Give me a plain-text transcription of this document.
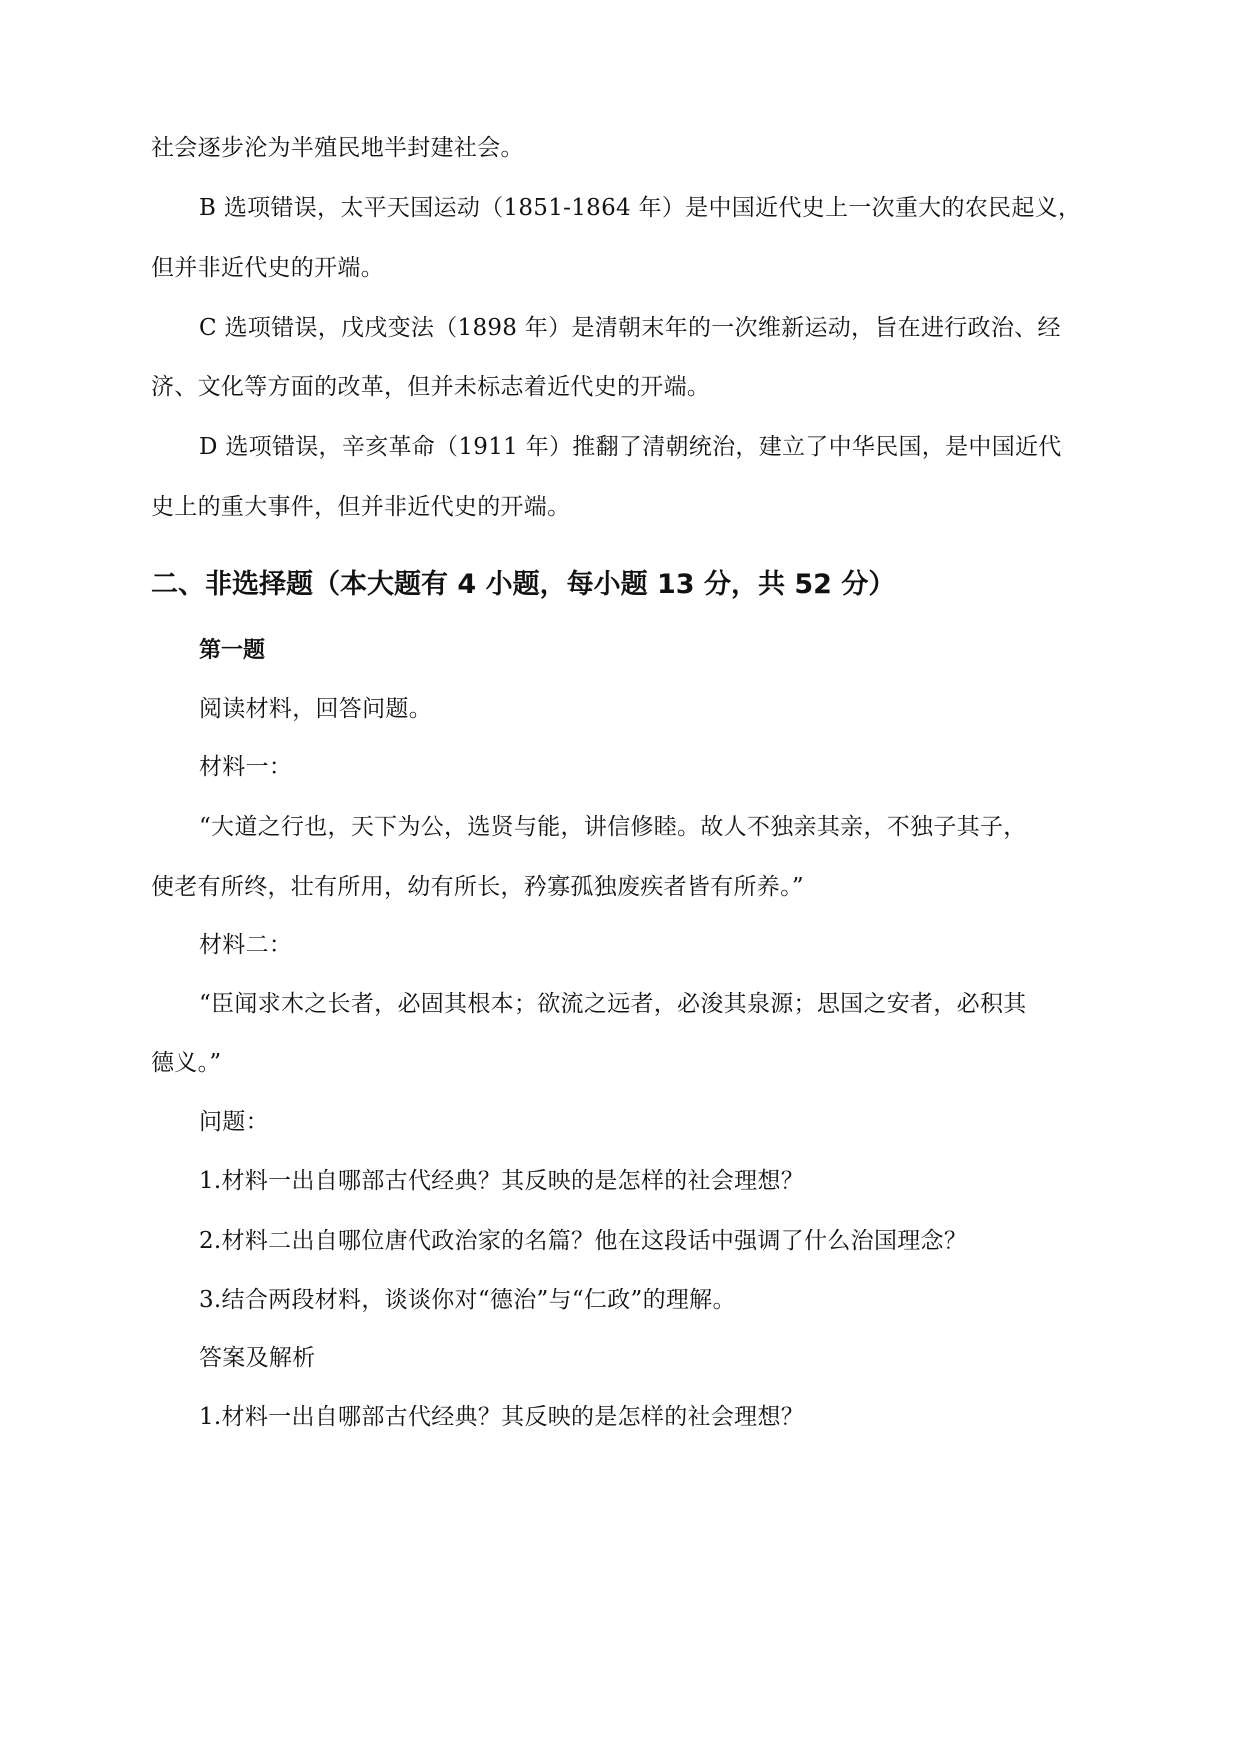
社会逐步沦为半殖民地半封建社会。
B 选项错误，太平天国运动（1851-1864 年）是中国近代史上一次重大的农民起义，
但并非近代史的开端。
C 选项错误，戊戌变法（1898 年）是清朝末年的一次维新运动，旨在进行政治、经
济、文化等方面的改革，但并未标志着近代史的开端。
D 选项错误，辛亥革命（1911 年）推翻了清朝统治，建立了中华民国，是中国近代
史上的重大事件，但并非近代史的开端。
二、非选择题（本大题有 4 小题，每小题 13 分，共 52 分）
第一题
阅读材料，回答问题。
材料一：
“大道之行也，天下为公，选贤与能，讲信修睦。故人不独亲其亲，不独子其子，
使老有所终，壮有所用，幼有所长，矜寡孤独废疾者皆有所养。”
材料二：
“臣闻求木之长者，必固其根本；欲流之远者，必浚其泉源；思国之安者，必积其
德义。”
问题：
1.材料一出自哪部古代经典？其反映的是怎样的社会理想？
2.材料二出自哪位唐代政治家的名篇？他在这段话中强调了什么治国理念？
3.结合两段材料，谈谈你对“德治”与“仁政”的理解。
答案及解析
1.材料一出自哪部古代经典？其反映的是怎样的社会理想？
